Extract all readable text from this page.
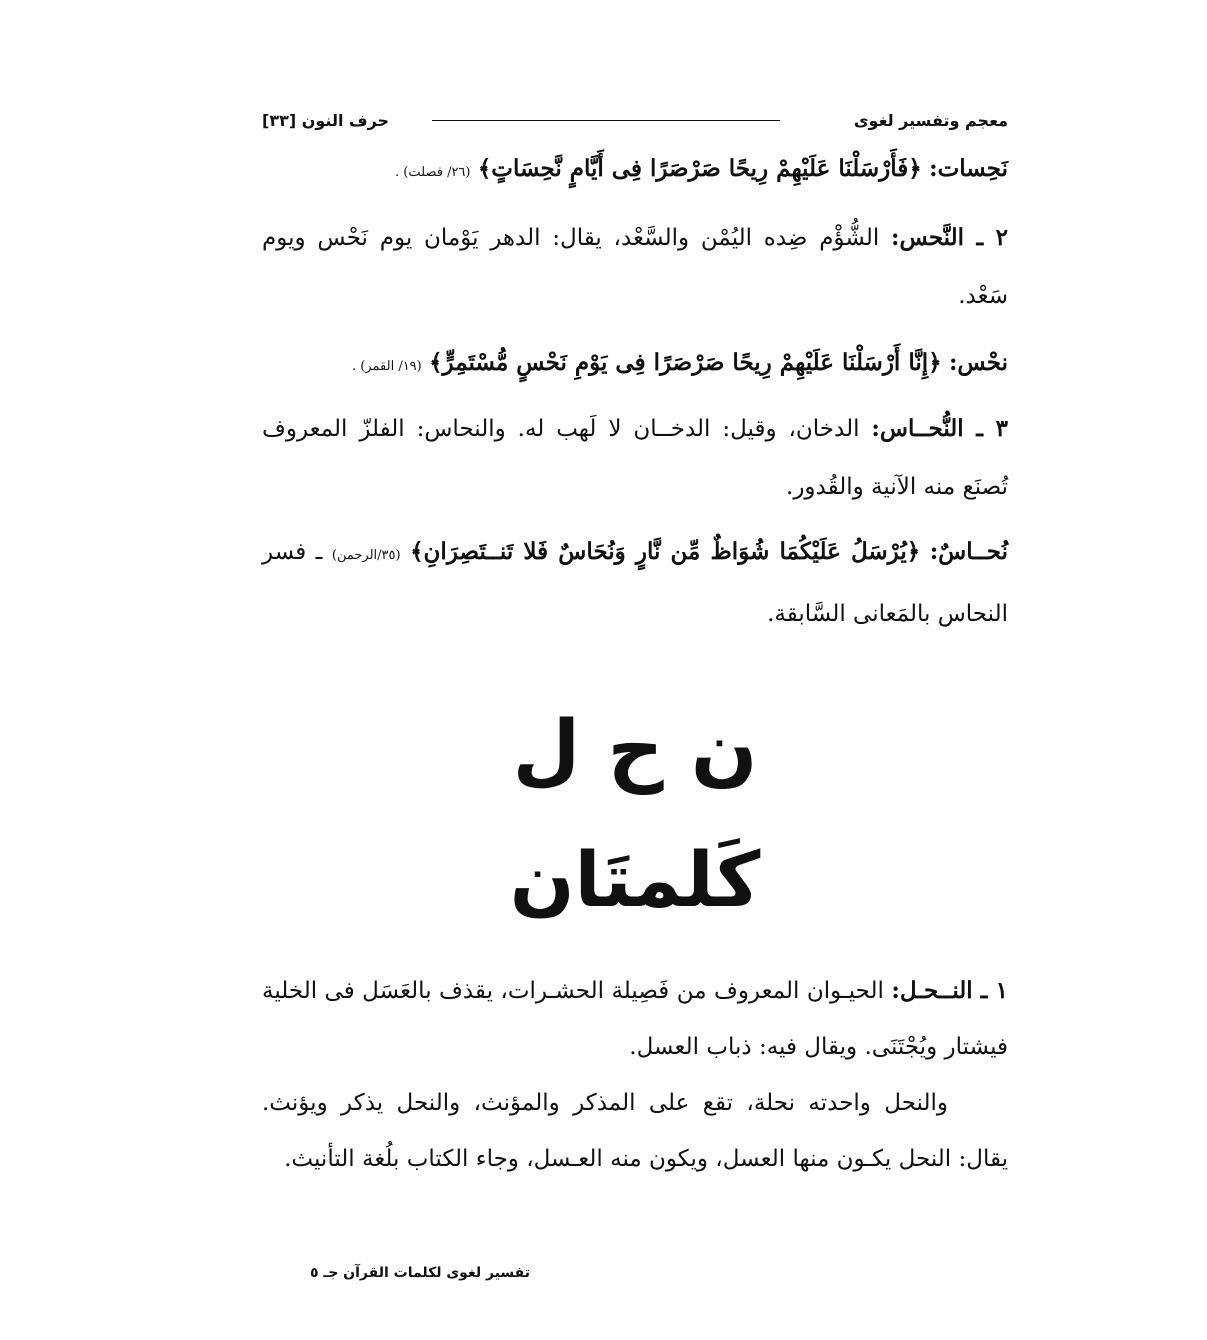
معجم وتفسير لغوى
حرف النون [٣٣]
نَحِسات: ﴿فَأَرْسَلْنَا عَلَيْهِمْ رِيحًا صَرْصَرًا فِى أَيَّامٍ نَّحِسَاتٍ﴾ (٢٦/ فصلت) .
٢ ـ النَّحس: الشُّؤْم ضِده اليُمْن والسَّعْد، يقال: الدهر يَوْمان يوم نَحْس ويوم سَعْد.
نحْس: ﴿إِنَّا أَرْسَلْنَا عَلَيْهِمْ رِيحًا صَرْصَرًا فِى يَوْمِ نَحْسٍ مُّسْتَمِرٍّ﴾ (١٩/ القمر) .
٣ ـ النُّحــاس: الدخان، وقيل: الدخــان لا لَهب له. والنحاس: الفلزّ المعروف تُصنَع منه الآنية والقُدور.
نُحــاسٌ: ﴿يُرْسَلُ عَلَيْكُمَا شُوَاظٌ مِّن نَّارٍ وَنُحَاسٌ فَلا تَنــتَصِرَانِ﴾ (٣٥/الرحمن) ـ فسر النحاس بالمَعانى السَّابقة.
ن ح ل
كَلمتَان
١ ـ النــحـل: الحيـوان المعروف من فَصِيلة الحشـرات، يقذف بالعَسَل فى الخلية فيشتار ويُجْتَنَى. ويقال فيه: ذباب العسل.
والنحل واحدته نحلة، تقع على المذكر والمؤنث، والنحل يذكر ويؤنث. يقال: النحل يكـون منها العسل، ويكون منه العـسل، وجاء الكتاب بلُغة التأنيث.
تفسير لغوى لكلمات القرآن جـ ٥
